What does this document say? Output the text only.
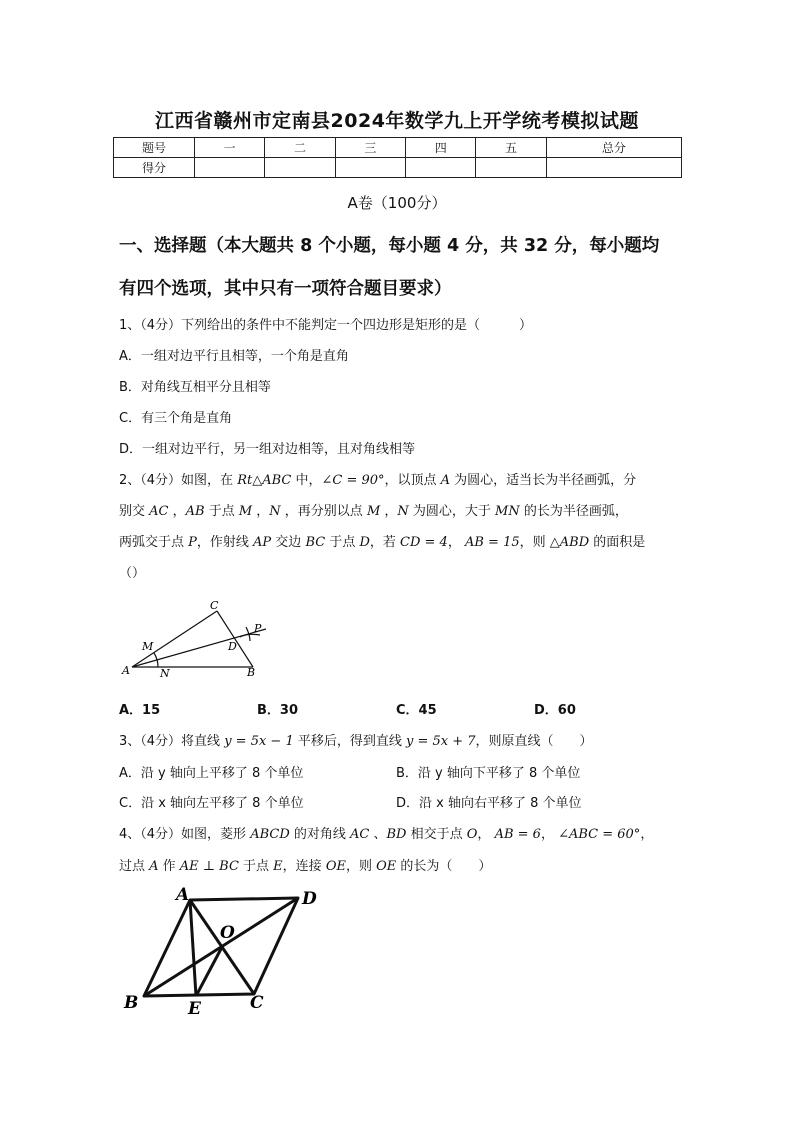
江西省赣州市定南县2024年数学九上开学统考模拟试题
题号	一	二	三	四	五	总分
得分						
A卷（100分）
一、选择题（本大题共 8 个小题，每小题 4 分，共 32 分，每小题均
有四个选项，其中只有一项符合题目要求）
1、（4分）下列给出的条件中不能判定一个四边形是矩形的是（　　　）
A．一组对边平行且相等，一个角是直角
B．对角线互相平分且相等
C．有三个角是直角
D．一组对边平行，另一组对边相等，且对角线相等
2、（4分）如图，在 Rt△ABC 中，∠C = 90°，以顶点 A 为圆心，适当长为半径画弧，分
别交 AC ，AB 于点 M ，N ，再分别以点 M ，N 为圆心，大于 MN 的长为半径画弧，
两弧交于点 P，作射线 AP 交边 BC 于点 D，若 CD = 4， AB = 15，则 △ABD 的面积是
（）
C
A	B
M
N
D
P
A．15	B．30	C．45	D．60
3、（4分）将直线 y = 5x − 1 平移后，得到直线 y = 5x + 7，则原直线（　　）
A．沿 y 轴向上平移了 8 个单位	B．沿 y 轴向下平移了 8 个单位
C．沿 x 轴向左平移了 8 个单位	D．沿 x 轴向右平移了 8 个单位
4、（4分）如图，菱形 ABCD 的对角线 AC 、BD 相交于点 O， AB = 6， ∠ABC = 60°，
过点 A 作 AE ⊥ BC 于点 E，连接 OE，则 OE 的长为（　　）
A	D
O
B	E	C
